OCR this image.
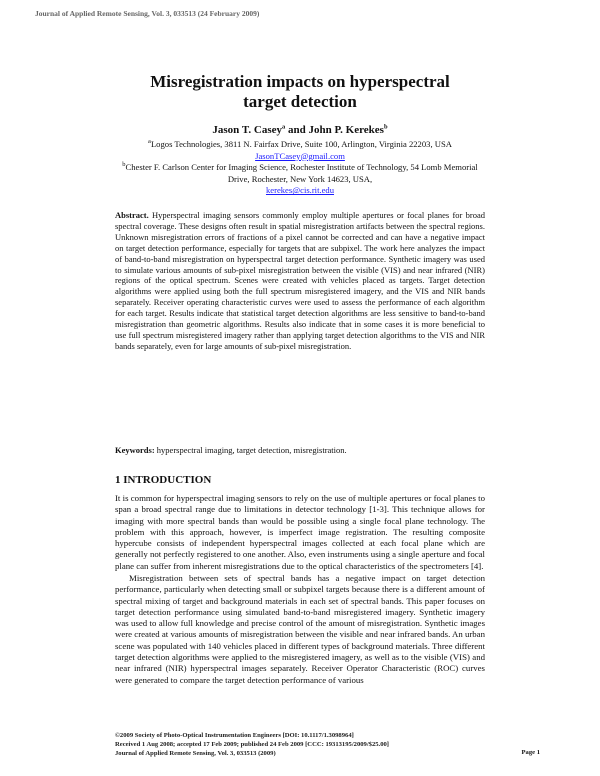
Journal of Applied Remote Sensing, Vol. 3, 033513 (24 February 2009)
Misregistration impacts on hyperspectral target detection
Jason T. Casey$^a$ and John P. Kerekes$^b$
$^a$Logos Technologies, 3811 N. Fairfax Drive, Suite 100, Arlington, Virginia 22203, USA
JasonTCasey@gmail.com
$^b$Chester F. Carlson Center for Imaging Science, Rochester Institute of Technology, 54 Lomb Memorial Drive, Rochester, New York 14623, USA,
kerekes@cis.rit.edu

Abstract. Hyperspectral imaging sensors commonly employ multiple apertures or focal planes for broad spectral coverage. These designs often result in spatial misregistration artifacts between the spectral regions. Unknown misregistration errors of fractions of a pixel cannot be corrected and can have a negative impact on target detection performance, especially for targets that are subpixel. The work here analyzes the impact of band-to-band misregistration on hyperspectral target detection performance. Synthetic imagery was used to simulate various amounts of sub-pixel misregistration between the visible (VIS) and near infrared (NIR) regions of the optical spectrum. Scenes were created with vehicles placed as targets. Target detection algorithms were applied using both the full spectrum misregistered imagery, and the VIS and NIR bands separately. Receiver operating characteristic curves were used to assess the performance of each algorithm for each target. Results indicate that statistical target detection algorithms are less sensitive to band-to-band misregistration than geometric algorithms. Results also indicate that in some cases it is more beneficial to use full spectrum misregistered imagery rather than applying target detection algorithms to the VIS and NIR bands separately, even for large amounts of sub-pixel misregistration.

Keywords: hyperspectral imaging, target detection, misregistration.

1 INTRODUCTION

It is common for hyperspectral imaging sensors to rely on the use of multiple apertures or focal planes to span a broad spectral range due to limitations in detector technology [1-3]. This technique allows for imaging with more spectral bands than would be possible using a single focal plane technology. The problem with this approach, however, is imperfect image registration. The resulting composite hypercube consists of independent hyperspectral images collected at each focal plane which are generally not perfectly registered to one another. Also, even instruments using a single aperture and focal plane can suffer from inherent misregistrations due to the optical characteristics of the spectrometers [4].

Misregistration between sets of spectral bands has a negative impact on target detection performance, particularly when detecting small or subpixel targets because there is a different amount of spectral mixing of target and background materials in each set of spectral bands. This paper focuses on target detection performance using simulated band-to-band misregistered imagery. Synthetic imagery was used to allow full knowledge and precise control of the amount of misregistration. Synthetic images were created at various amounts of misregistration between the visible and near infrared bands. An urban scene was populated with 140 vehicles placed in different types of background materials. Three different target detection algorithms were applied to the misregistered imagery, as well as to the visible (VIS) and near infrared (NIR) hyperspectral images separately. Receiver Operator Characteristic (ROC) curves were generated to compare the target detection performance of various

©2009 Society of Photo-Optical Instrumentation Engineers [DOI: 10.1117/1.3098964]
Received 1 Aug 2008; accepted 17 Feb 2009; published 24 Feb 2009 [CCC: 19313195/2009/$25.00]
Journal of Applied Remote Sensing, Vol. 3, 033513 (2009)	Page 1
